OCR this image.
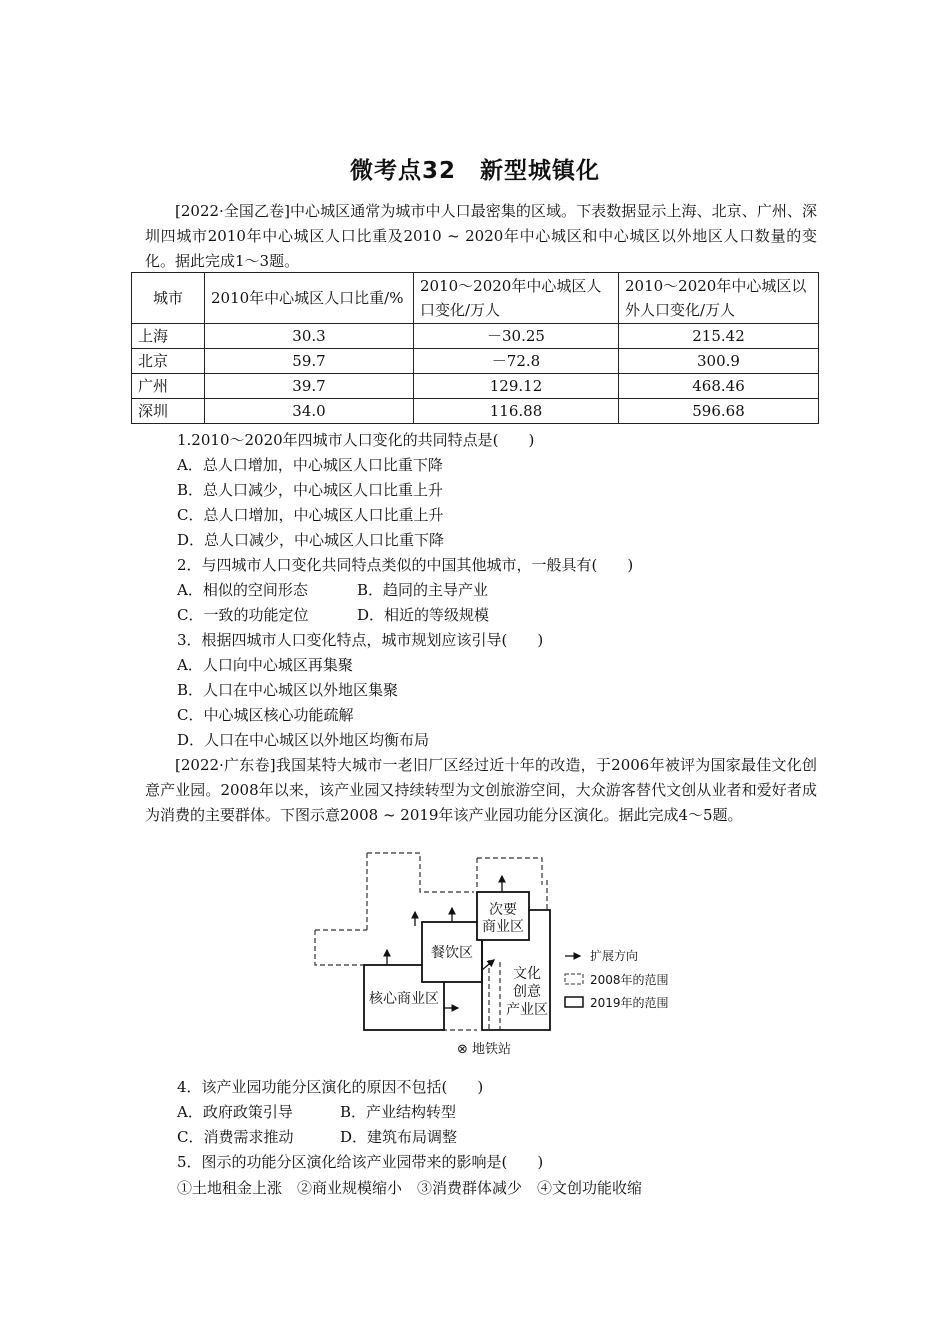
微考点32　新型城镇化
[2022·全国乙卷]中心城区通常为城市中人口最密集的区域。下表数据显示上海、北京、广州、深圳四城市2010年中心城区人口比重及2010 ~ 2020年中心城区和中心城区以外地区人口数量的变化。据此完成1～3题。
城市	2010年中心城区人口比重/%	2010～2020年中心城区人口变化/万人	2010～2020年中心城区以外人口变化/万人
上海	30.3	－30.25	215.42
北京	59.7	－72.8	300.9
广州	39.7	129.12	468.46
深圳	34.0	116.88	596.68
1.2010～2020年四城市人口变化的共同特点是(　　)
A．总人口增加，中心城区人口比重下降
B．总人口减少，中心城区人口比重上升
C．总人口增加，中心城区人口比重上升
D．总人口减少，中心城区人口比重下降
2．与四城市人口变化共同特点类似的中国其他城市，一般具有(　　)
A．相似的空间形态	B．趋同的主导产业
C．一致的功能定位	D．相近的等级规模
3．根据四城市人口变化特点，城市规划应该引导(　　)
A．人口向中心城区再集聚
B．人口在中心城区以外地区集聚
C．中心城区核心功能疏解
D．人口在中心城区以外地区均衡布局
[2022·广东卷]我国某特大城市一老旧厂区经过近十年的改造，于2006年被评为国家最佳文化创意产业园。2008年以来，该产业园又持续转型为文创旅游空间，大众游客替代文创从业者和爱好者成为消费的主要群体。下图示意2008 ~ 2019年该产业园功能分区演化。据此完成4～5题。
次要
商业区
餐饮区
文化
创意
产业区
核心商业区
⊗ 地铁站
扩展方向
2008年的范围
2019年的范围
4．该产业园功能分区演化的原因不包括(　　)
A．政府政策引导	B．产业结构转型
C．消费需求推动	D．建筑布局调整
5．图示的功能分区演化给该产业园带来的影响是(　　)
①土地租金上涨　②商业规模缩小　③消费群体减少　④文创功能收缩
